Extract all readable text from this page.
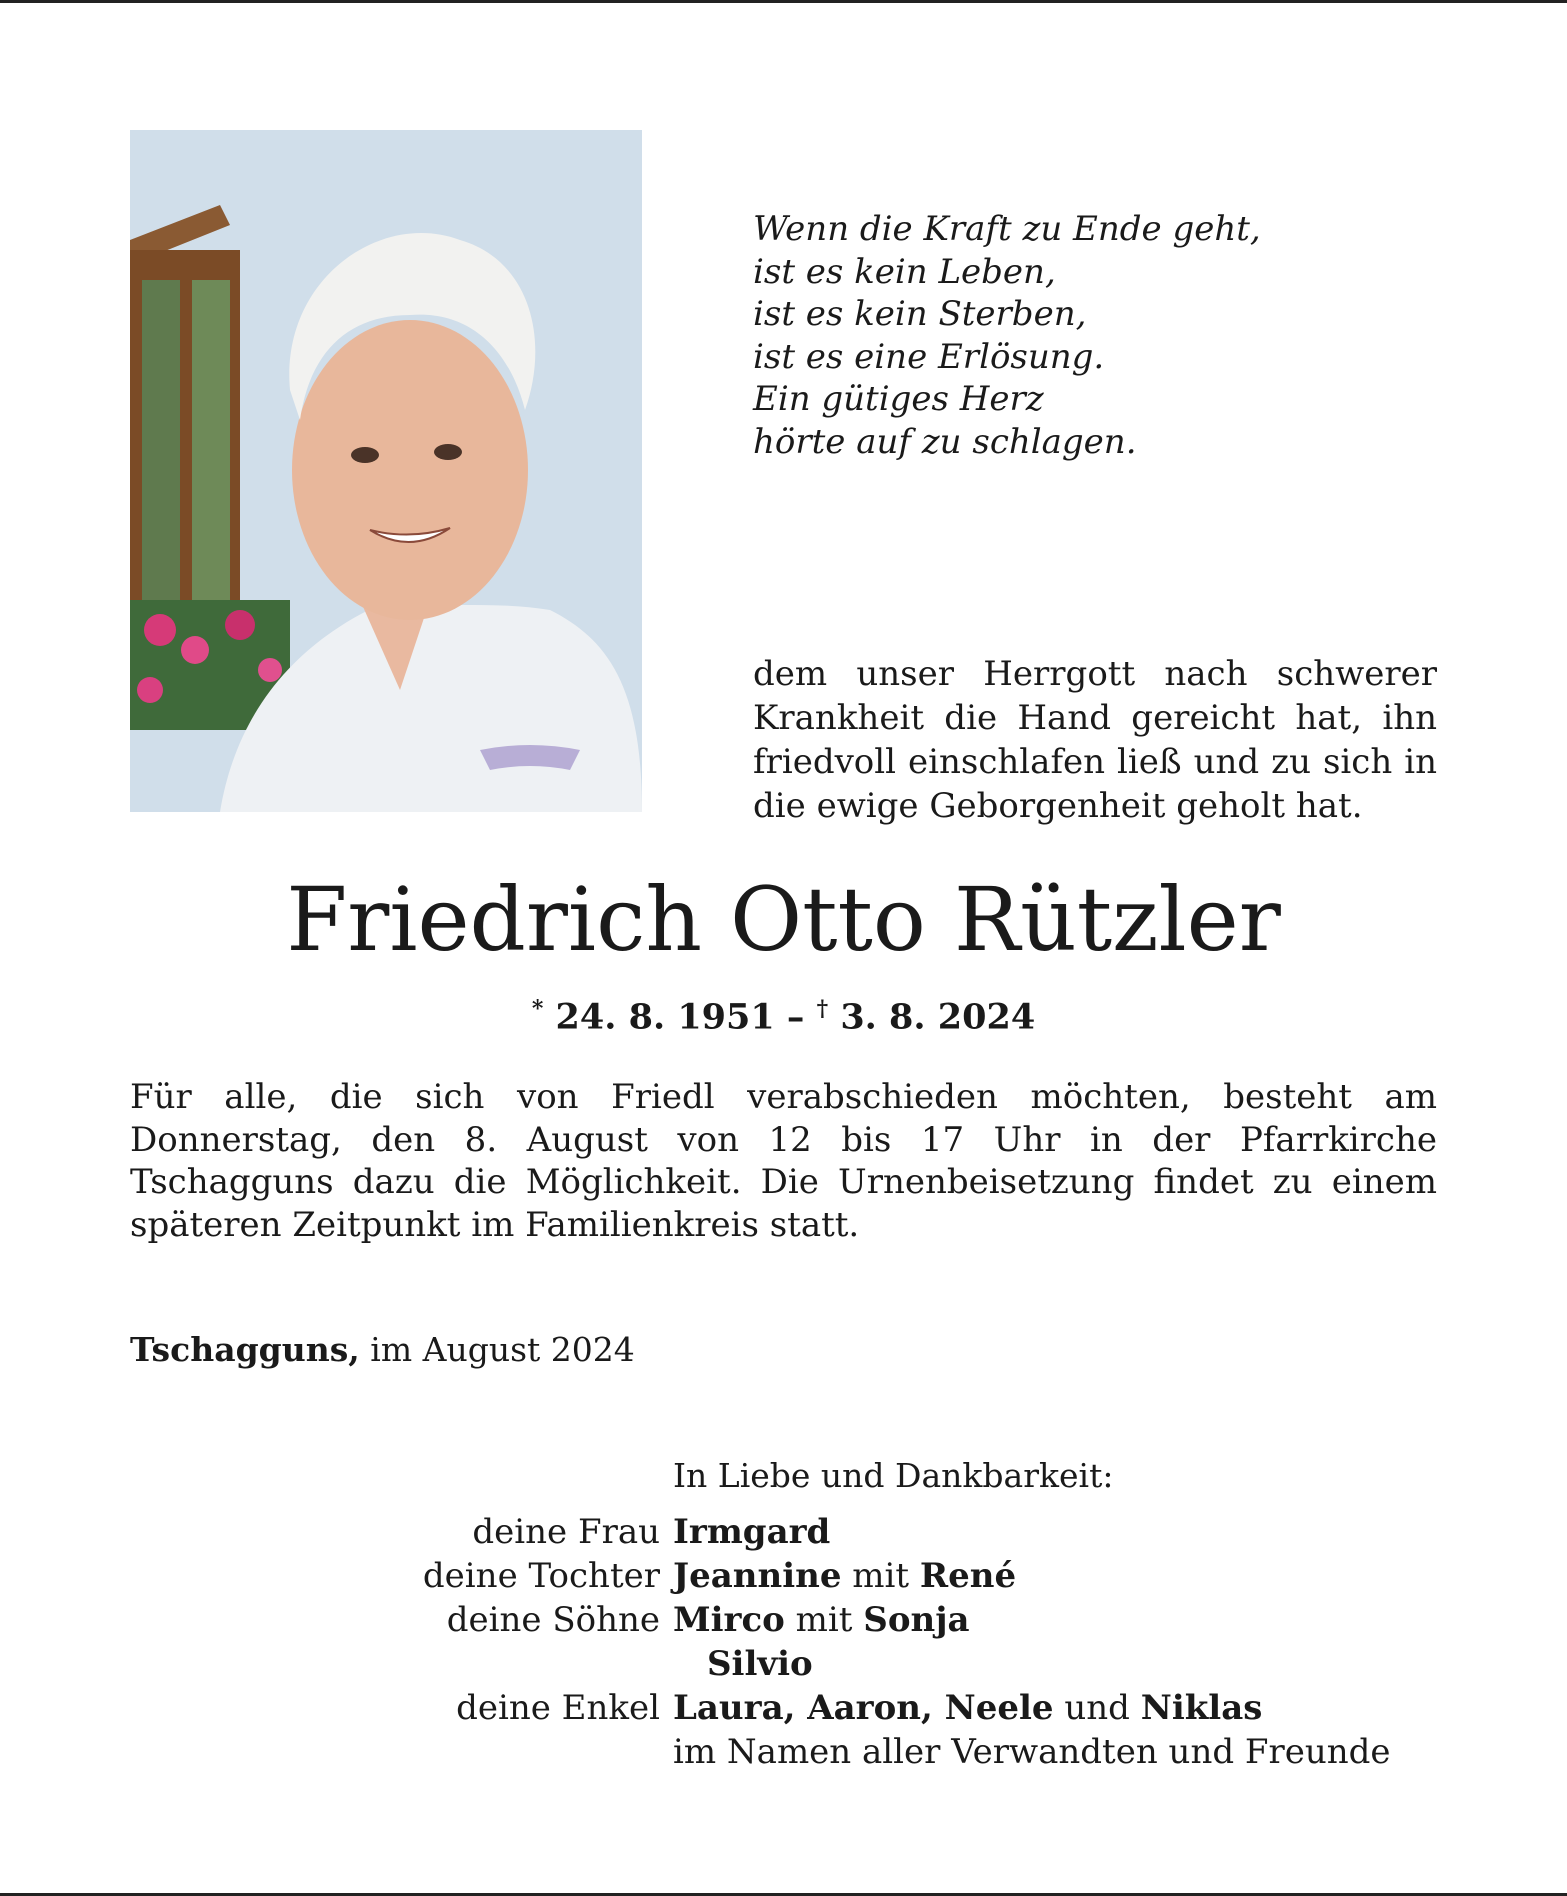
Wenn die Kraft zu Ende geht,
ist es kein Leben,
ist es kein Sterben,
ist es eine Erlösung.
Ein gütiges Herz
hörte auf zu schlagen.
dem unser Herrgott nach schwerer Krankheit die Hand gereicht hat, ihn friedvoll einschlafen ließ und zu sich in die ewige Geborgenheit geholt hat.
Friedrich Otto Rützler
* 24. 8. 1951 – † 3. 8. 2024
Für alle, die sich von Friedl verabschieden möchten, besteht am Donnerstag, den 8. August von 12 bis 17 Uhr in der Pfarrkirche Tschagguns dazu die Möglichkeit. Die Urnenbeisetzung findet zu einem späteren Zeitpunkt im Familienkreis statt.
Tschagguns, im August 2024
In Liebe und Dankbarkeit:
deine Frau Irmgard
deine Tochter Jeannine mit René
deine Söhne Mirco mit Sonja
Silvio
deine Enkel Laura, Aaron, Neele und Niklas
im Namen aller Verwandten und Freunde
